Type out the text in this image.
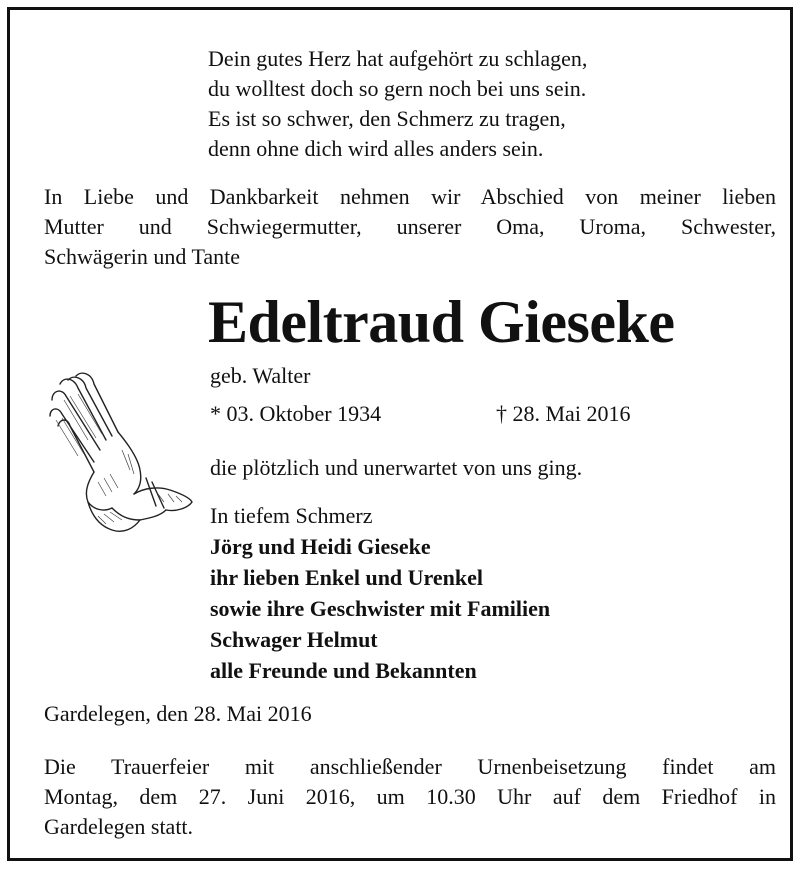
Dein gutes Herz hat aufgehört zu schlagen,
du wolltest doch so gern noch bei uns sein.
Es ist so schwer, den Schmerz zu tragen,
denn ohne dich wird alles anders sein.
In Liebe und Dankbarkeit nehmen wir Abschied von meiner lieben
Mutter und Schwiegermutter, unserer Oma, Uroma, Schwester,
Schwägerin und Tante
Edeltraud Gieseke
geb. Walter
* 03. Oktober 1934	† 28. Mai 2016
die plötzlich und unerwartet von uns ging.
In tiefem Schmerz
Jörg und Heidi Gieseke
ihr lieben Enkel und Urenkel
sowie ihre Geschwister mit Familien
Schwager Helmut
alle Freunde und Bekannten
Gardelegen, den 28. Mai 2016
Die Trauerfeier mit anschließender Urnenbeisetzung findet am
Montag, dem 27. Juni 2016, um 10.30 Uhr auf dem Friedhof in
Gardelegen statt.
